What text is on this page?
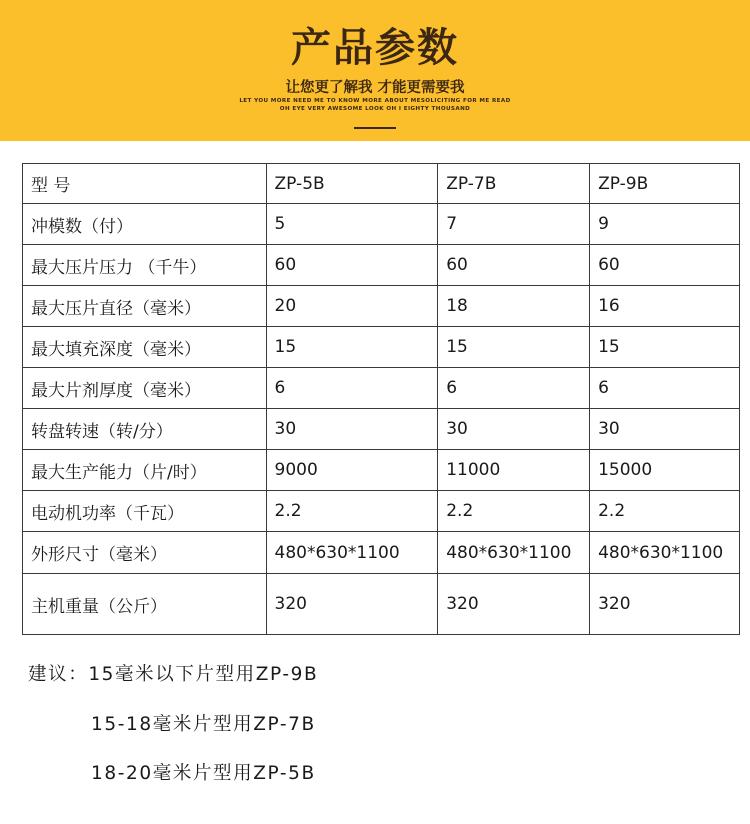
产品参数
让您更了解我 才能更需要我
LET YOU MORE NEED ME TO KNOW MORE ABOUT MESOLICITING FOR ME READ
OH EYE VERY AWESOME LOOK OH I EIGHTY THOUSAND
型 号	ZP-5B	ZP-7B	ZP-9B
冲模数（付）	5	7	9
最大压片压力 （千牛）	60	60	60
最大压片直径（毫米）	20	18	16
最大填充深度（毫米）	15	15	15
最大片剂厚度（毫米）	6	6	6
转盘转速（转/分）	30	30	30
最大生产能力（片/时）	9000	11000	15000
电动机功率（千瓦）	2.2	2.2	2.2
外形尺寸（毫米）	480*630*1100	480*630*1100	480*630*1100
主机重量（公斤）	320	320	320
建议：15毫米以下片型用ZP-9B
15-18毫米片型用ZP-7B
18-20毫米片型用ZP-5B
